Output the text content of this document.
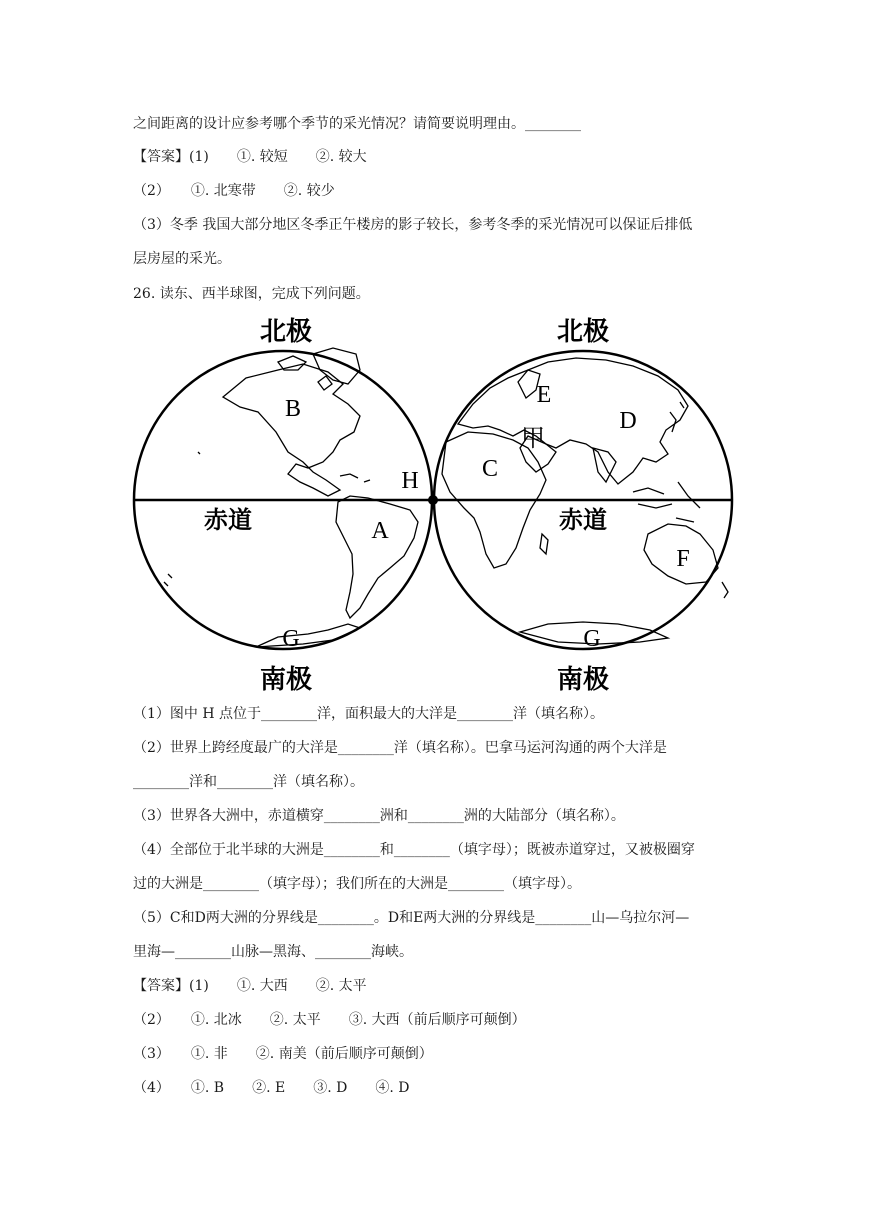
之间距离的设计应参考哪个季节的采光情况？请简要说明理由。________
【答案】(1)　　①. 较短　　②. 较大
（2）　　①. 北寒带　　②. 较少
（3）冬季 我国大部分地区冬季正午楼房的影子较长，参考冬季的采光情况可以保证后排低
层房屋的采光。
26. 读东、西半球图，完成下列问题。
北极	北极
南极	南极
赤道	赤道
B
H
A
G
E
D
甲
C
F
G
（1）图中 H 点位于________洋，面积最大的大洋是________洋（填名称）。
（2）世界上跨经度最广的大洋是________洋（填名称）。巴拿马运河沟通的两个大洋是
________洋和________洋（填名称）。
（3）世界各大洲中，赤道横穿________洲和________洲的大陆部分（填名称）。
（4）全部位于北半球的大洲是________和________（填字母）；既被赤道穿过，又被极圈穿
过的大洲是________（填字母）；我们所在的大洲是________（填字母）。
（5）C和D两大洲的分界线是________。D和E两大洲的分界线是________山—乌拉尔河—
里海—________山脉—黑海、________海峡。
【答案】(1)　　①. 大西　　②. 太平
（2）　　①. 北冰　　②. 太平　　③. 大西（前后顺序可颠倒）
（3）　　①. 非　　②. 南美（前后顺序可颠倒）
（4）　　①. B　　②. E　　③. D　　④. D
